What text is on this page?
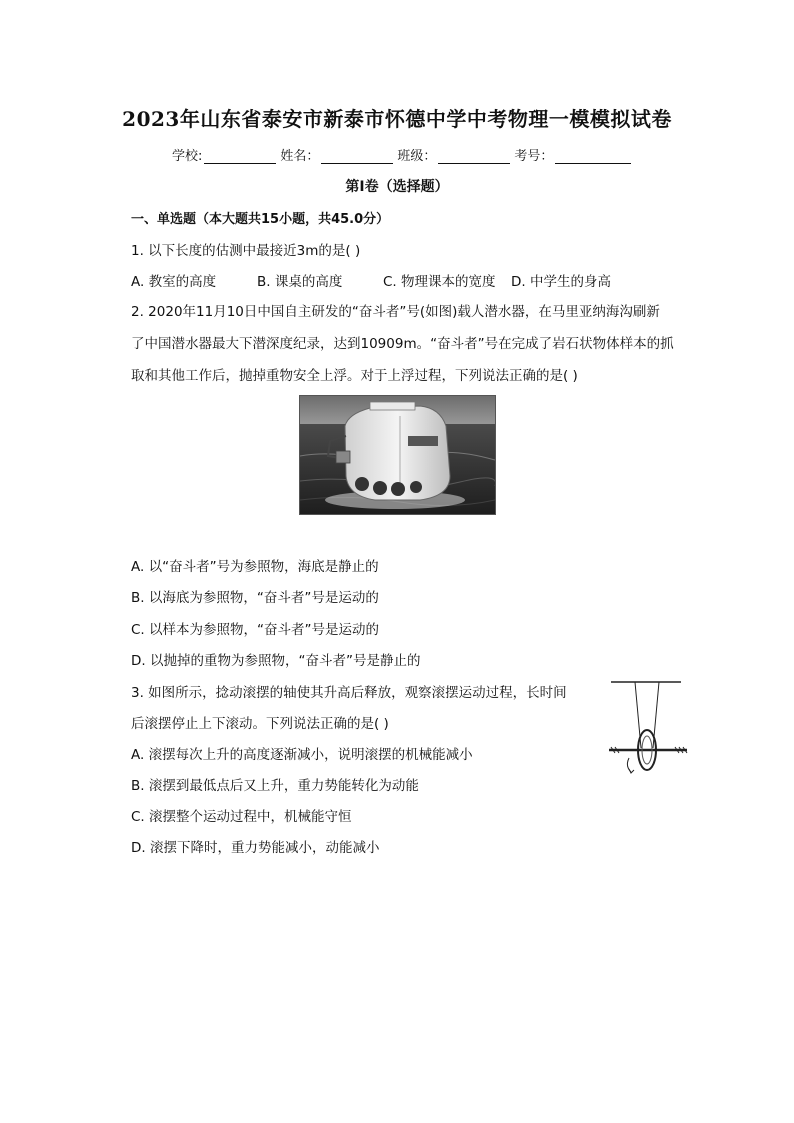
2023年山东省泰安市新泰市怀德中学中考物理一模模拟试卷
学校:	姓名：	班级：	考号：
第I卷（选择题）
一、单选题（本大题共15小题，共45.0分）
1. 以下长度的估测中最接近3m的是( )
A. 教室的高度	B. 课桌的高度	C. 物理课本的宽度	D. 中学生的身高
2. 2020年11月10日中国自主研发的“奋斗者”号(如图)载人潜水器，在马里亚纳海沟刷新
了中国潜水器最大下潜深度纪录，达到10909m。“奋斗者”号在完成了岩石状物体样本的抓
取和其他工作后，抛掉重物安全上浮。对于上浮过程，下列说法正确的是( )
A. 以“奋斗者”号为参照物，海底是静止的
B. 以海底为参照物，“奋斗者”号是运动的
C. 以样本为参照物，“奋斗者”号是运动的
D. 以抛掉的重物为参照物，“奋斗者”号是静止的
3. 如图所示，捻动滚摆的轴使其升高后释放，观察滚摆运动过程，长时间
后滚摆停止上下滚动。下列说法正确的是( )
A. 滚摆每次上升的高度逐渐减小，说明滚摆的机械能减小
B. 滚摆到最低点后又上升，重力势能转化为动能
C. 滚摆整个运动过程中，机械能守恒
D. 滚摆下降时，重力势能减小，动能减小
